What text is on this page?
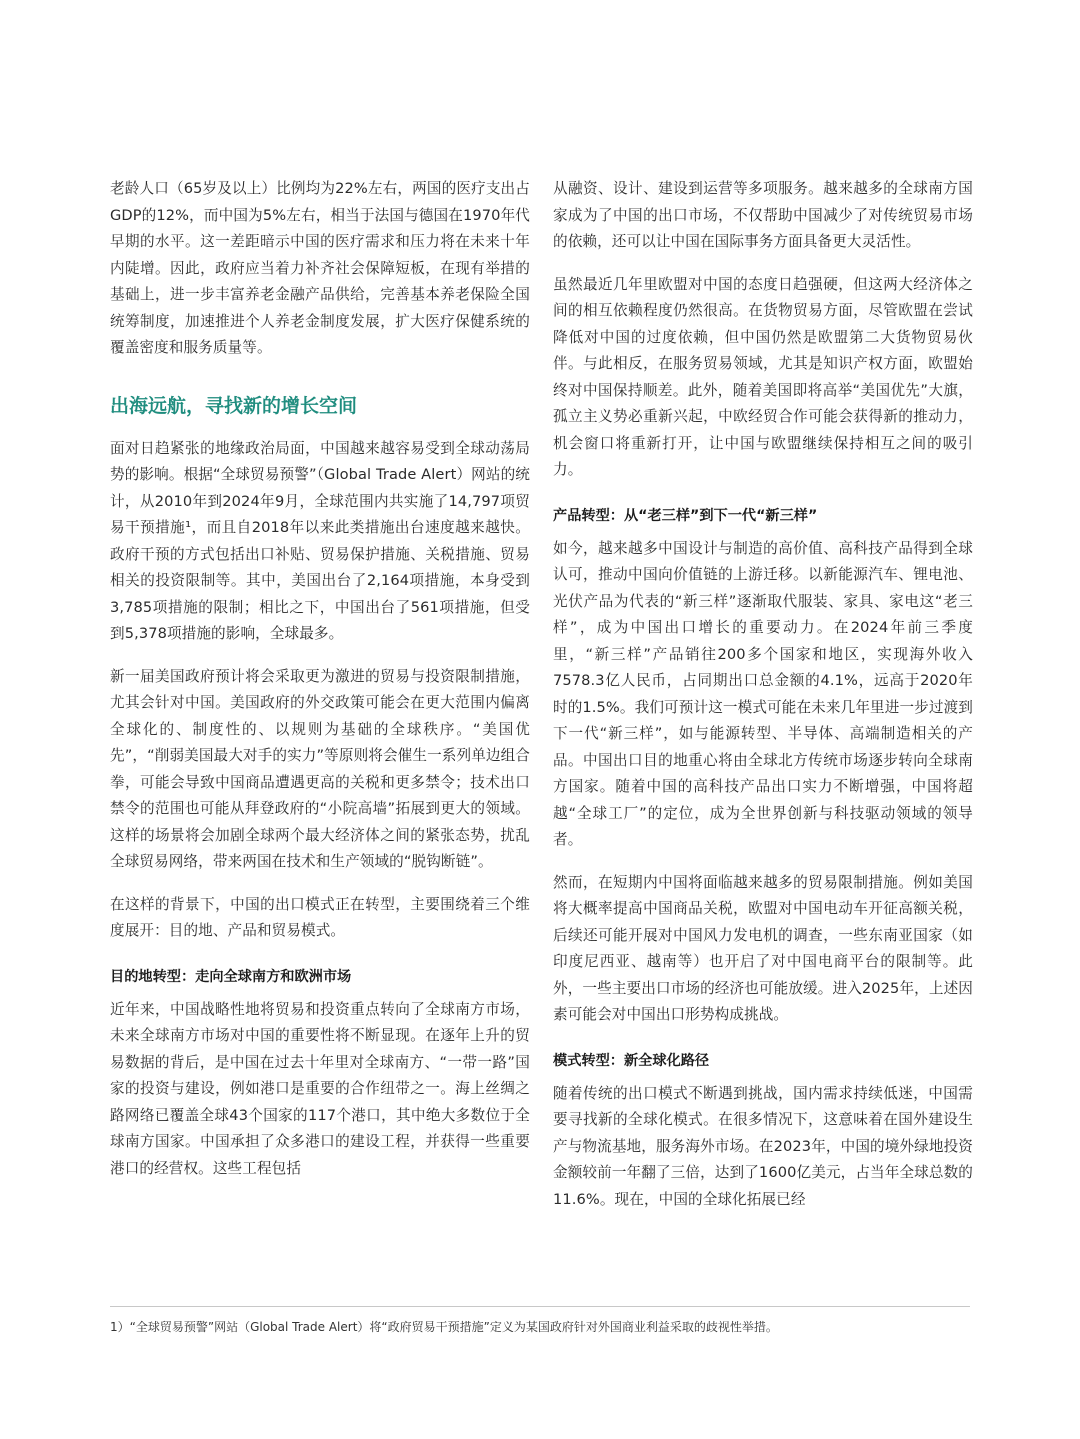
老龄人口（65岁及以上）比例均为22%左右，两国的医疗支出占GDP的12%，而中国为5%左右，相当于法国与德国在1970年代早期的水平。这一差距暗示中国的医疗需求和压力将在未来十年内陡增。因此，政府应当着力补齐社会保障短板，在现有举措的基础上，进一步丰富养老金融产品供给，完善基本养老保险全国统筹制度，加速推进个人养老金制度发展，扩大医疗保健系统的覆盖密度和服务质量等。

出海远航，寻找新的增长空间

面对日趋紧张的地缘政治局面，中国越来越容易受到全球动荡局势的影响。根据“全球贸易预警”（Global Trade Alert）网站的统计，从2010年到2024年9月，全球范围内共实施了14,797项贸易干预措施¹，而且自2018年以来此类措施出台速度越来越快。政府干预的方式包括出口补贴、贸易保护措施、关税措施、贸易相关的投资限制等。其中，美国出台了2,164项措施，本身受到3,785项措施的限制；相比之下，中国出台了561项措施，但受到5,378项措施的影响，全球最多。

新一届美国政府预计将会采取更为激进的贸易与投资限制措施，尤其会针对中国。美国政府的外交政策可能会在更大范围内偏离全球化的、制度性的、以规则为基础的全球秩序。“美国优先”，“削弱美国最大对手的实力”等原则将会催生一系列单边组合拳，可能会导致中国商品遭遇更高的关税和更多禁令；技术出口禁令的范围也可能从拜登政府的“小院高墙”拓展到更大的领域。这样的场景将会加剧全球两个最大经济体之间的紧张态势，扰乱全球贸易网络，带来两国在技术和生产领域的“脱钩断链”。

在这样的背景下，中国的出口模式正在转型，主要围绕着三个维度展开：目的地、产品和贸易模式。

目的地转型：走向全球南方和欧洲市场

近年来，中国战略性地将贸易和投资重点转向了全球南方市场，未来全球南方市场对中国的重要性将不断显现。在逐年上升的贸易数据的背后，是中国在过去十年里对全球南方、“一带一路”国家的投资与建设，例如港口是重要的合作纽带之一。海上丝绸之路网络已覆盖全球43个国家的117个港口，其中绝大多数位于全球南方国家。中国承担了众多港口的建设工程，并获得一些重要港口的经营权。这些工程包括

从融资、设计、建设到运营等多项服务。越来越多的全球南方国家成为了中国的出口市场，不仅帮助中国减少了对传统贸易市场的依赖，还可以让中国在国际事务方面具备更大灵活性。

虽然最近几年里欧盟对中国的态度日趋强硬，但这两大经济体之间的相互依赖程度仍然很高。在货物贸易方面，尽管欧盟在尝试降低对中国的过度依赖，但中国仍然是欧盟第二大货物贸易伙伴。与此相反，在服务贸易领域，尤其是知识产权方面，欧盟始终对中国保持顺差。此外，随着美国即将高举“美国优先”大旗，孤立主义势必重新兴起，中欧经贸合作可能会获得新的推动力，机会窗口将重新打开，让中国与欧盟继续保持相互之间的吸引力。

产品转型：从“老三样”到下一代“新三样”

如今，越来越多中国设计与制造的高价值、高科技产品得到全球认可，推动中国向价值链的上游迁移。以新能源汽车、锂电池、光伏产品为代表的“新三样”逐渐取代服装、家具、家电这“老三样”，成为中国出口增长的重要动力。在2024年前三季度里，“新三样”产品销往200多个国家和地区，实现海外收入7578.3亿人民币，占同期出口总金额的4.1%，远高于2020年时的1.5%。我们可预计这一模式可能在未来几年里进一步过渡到下一代“新三样”，如与能源转型、半导体、高端制造相关的产品。中国出口目的地重心将由全球北方传统市场逐步转向全球南方国家。随着中国的高科技产品出口实力不断增强，中国将超越“全球工厂”的定位，成为全世界创新与科技驱动领域的领导者。

然而，在短期内中国将面临越来越多的贸易限制措施。例如美国将大概率提高中国商品关税，欧盟对中国电动车开征高额关税，后续还可能开展对中国风力发电机的调查，一些东南亚国家（如印度尼西亚、越南等）也开启了对中国电商平台的限制等。此外，一些主要出口市场的经济也可能放缓。进入2025年，上述因素可能会对中国出口形势构成挑战。

模式转型：新全球化路径

随着传统的出口模式不断遇到挑战，国内需求持续低迷，中国需要寻找新的全球化模式。在很多情况下，这意味着在国外建设生产与物流基地，服务海外市场。在2023年，中国的境外绿地投资金额较前一年翻了三倍，达到了1600亿美元，占当年全球总数的11.6%。现在，中国的全球化拓展已经

1）“全球贸易预警”网站（Global Trade Alert）将“政府贸易干预措施”定义为某国政府针对外国商业利益采取的歧视性举措。
